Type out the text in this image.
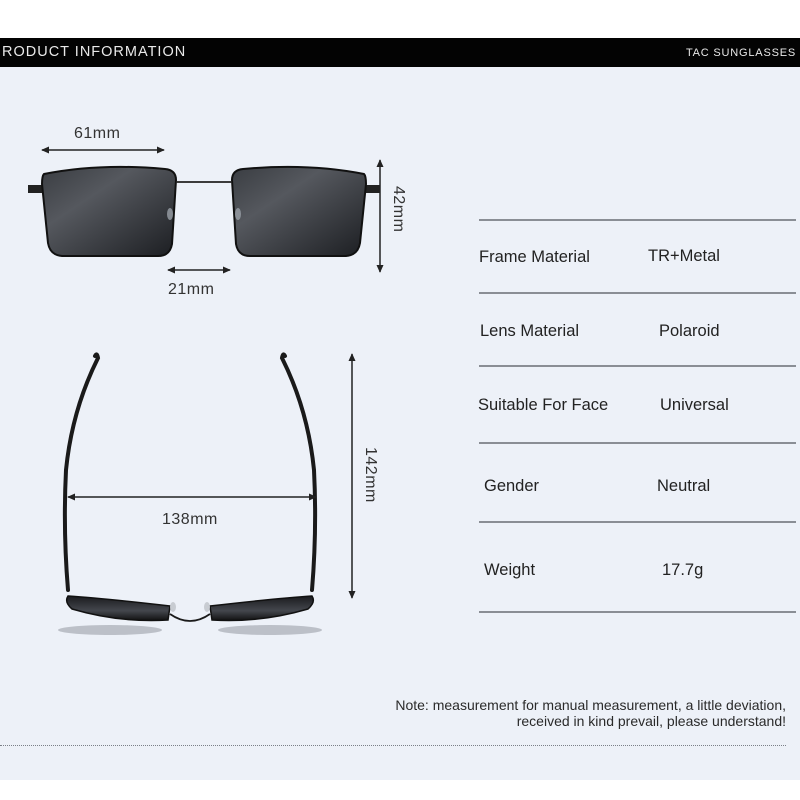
RODUCT INFORMATION	TAC SUNGLASSES
61mm
21mm
42mm
138mm
142mm
Frame Material	TR+Metal
Lens Material	Polaroid
Suitable For Face	Universal
Gender	Neutral
Weight	17.7g
Note: measurement for manual measurement, a little deviation,
received in kind prevail, please understand!
